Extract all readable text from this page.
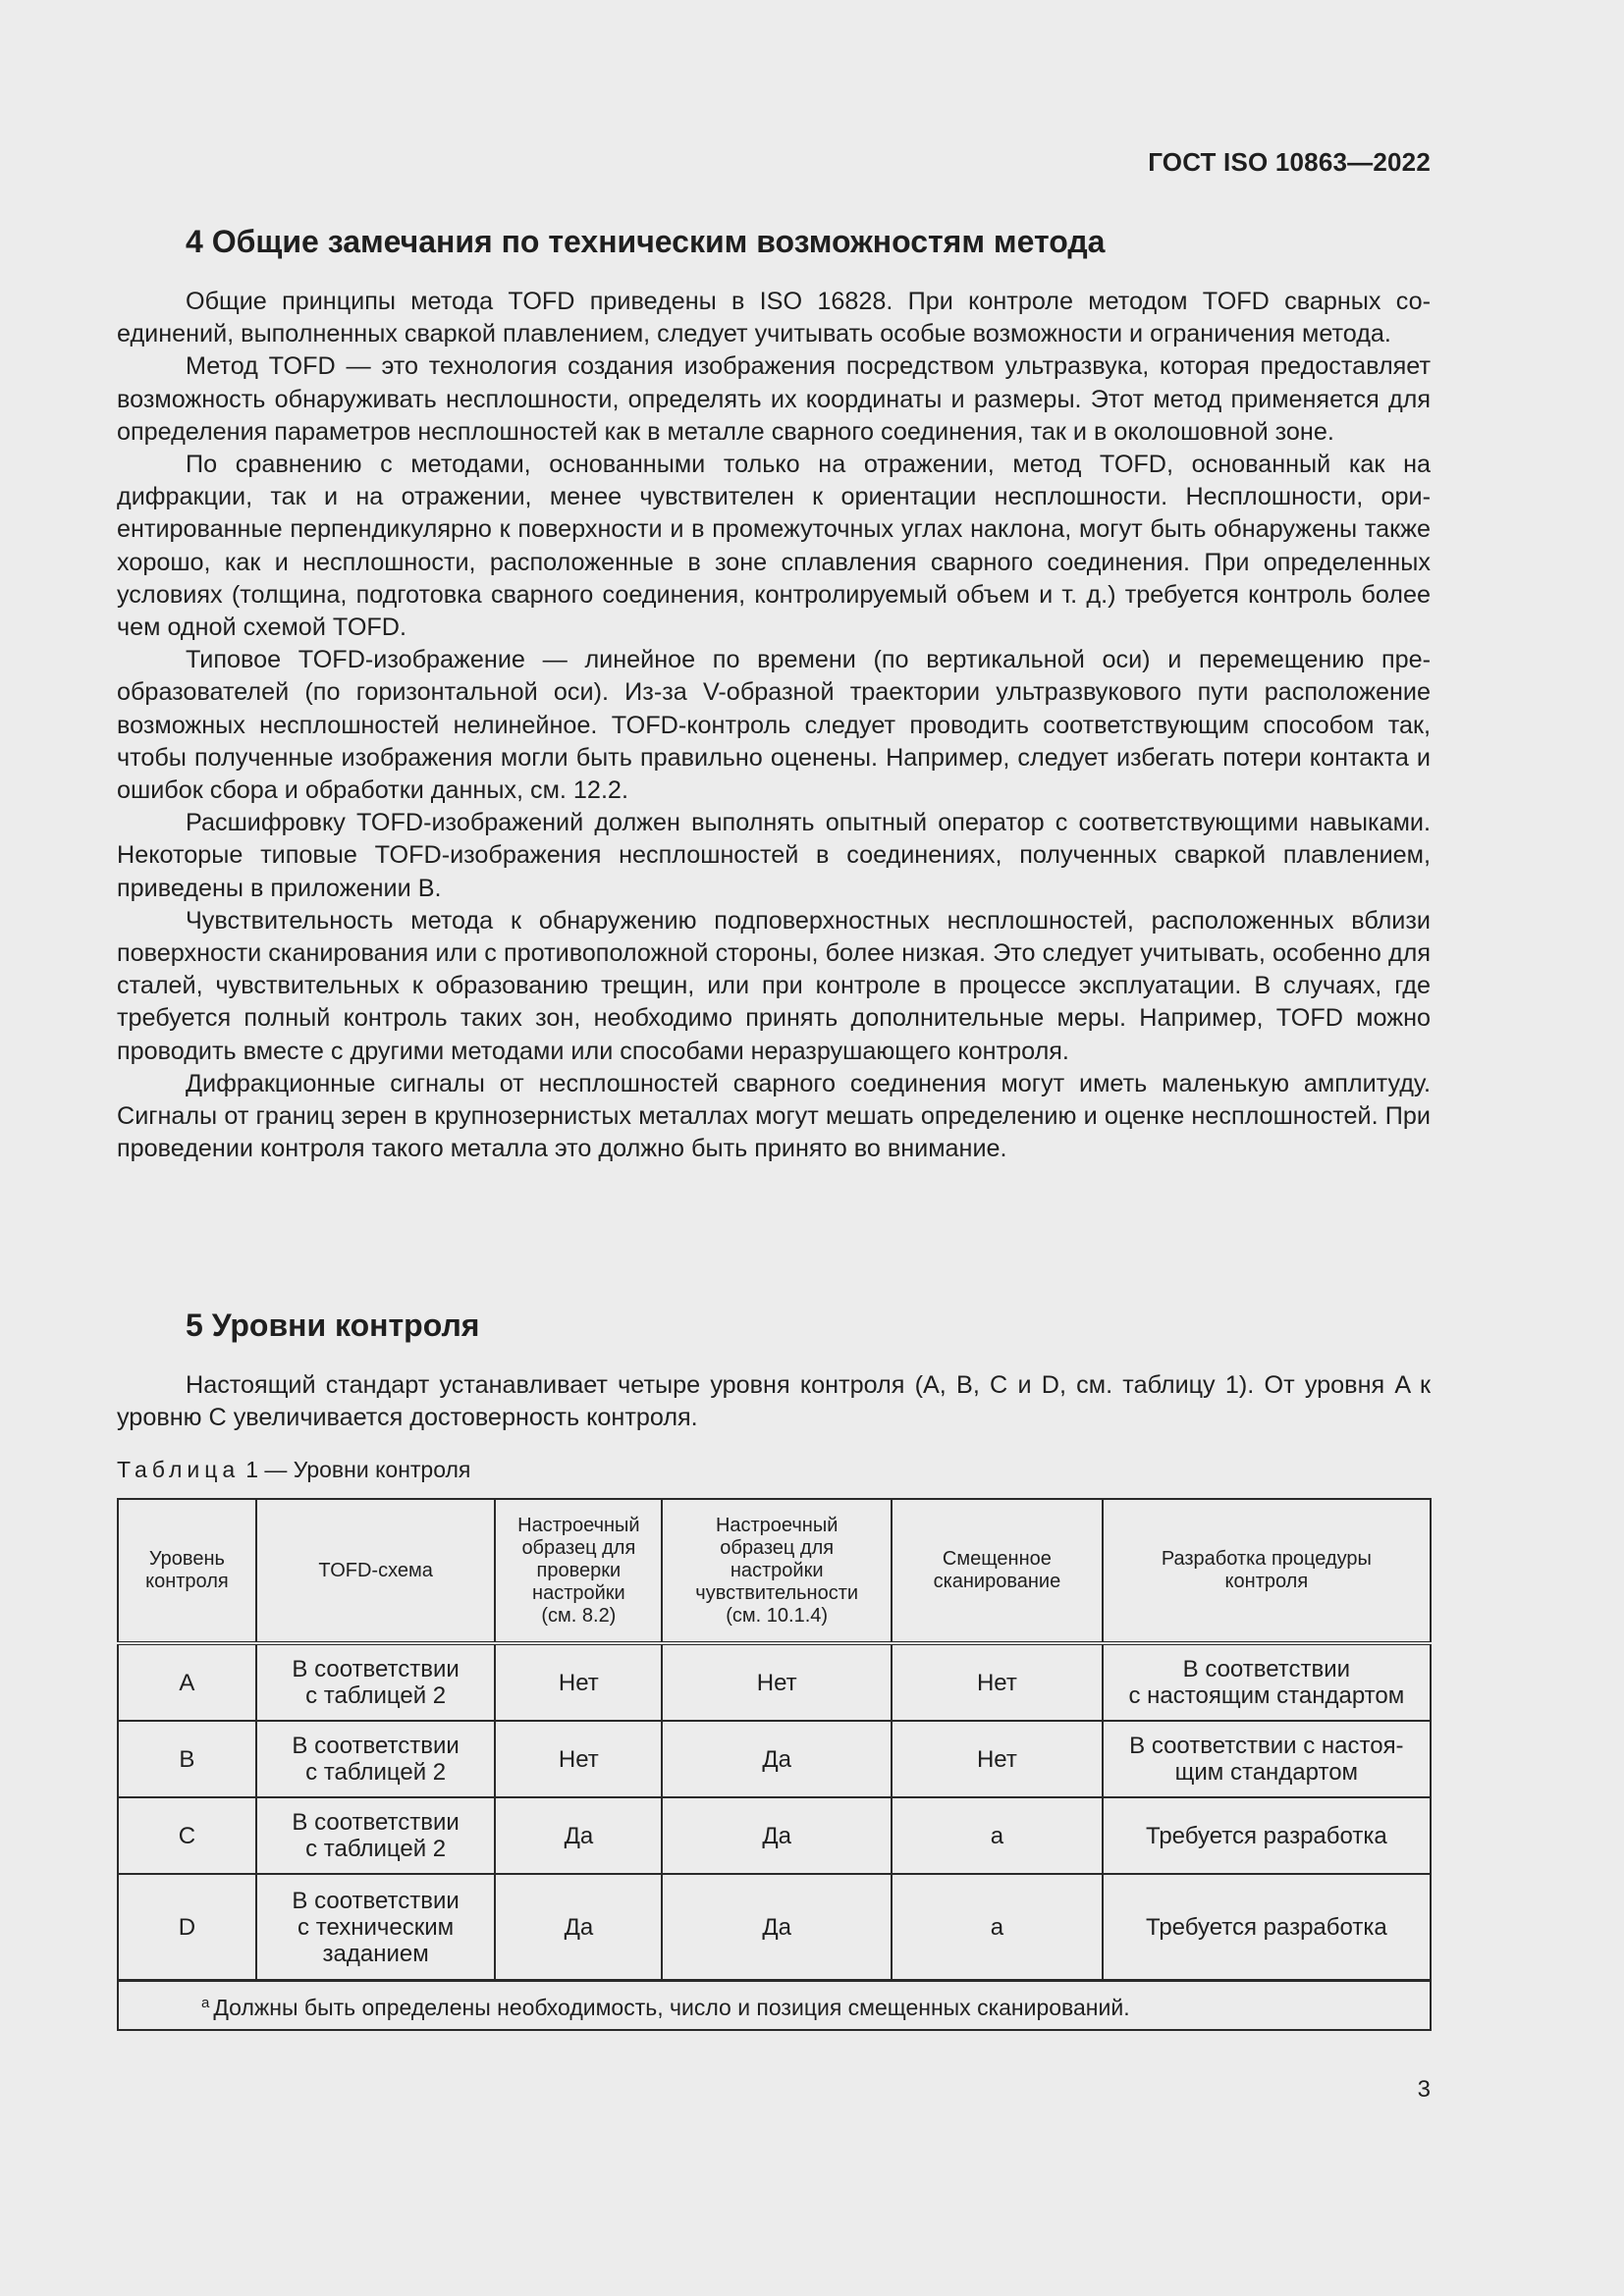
ГОСТ ISO 10863—2022
4 Общие замечания по техническим возможностям метода

Общие принципы метода TOFD приведены в ISO 16828. При контроле методом TOFD сварных соединений, выполненных сваркой плавлением, следует учитывать особые возможности и ограничения метода.

Метод TOFD — это технология создания изображения посредством ультразвука, которая предоставляет возможность обнаруживать несплошности, определять их координаты и размеры. Этот метод применяется для определения параметров несплошностей как в металле сварного соединения, так и в околошовной зоне.

По сравнению с методами, основанными только на отражении, метод TOFD, основанный как на дифракции, так и на отражении, менее чувствителен к ориентации несплошности. Несплошности, ориентированные перпендикулярно к поверхности и в промежуточных углах наклона, могут быть обнаружены также хорошо, как и несплошности, расположенные в зоне сплавления сварного соединения. При определенных условиях (толщина, подготовка сварного соединения, контролируемый объем и т. д.) требуется контроль более чем одной схемой TOFD.

Типовое TOFD-изображение — линейное по времени (по вертикальной оси) и перемещению преобразователей (по горизонтальной оси). Из-за V-образной траектории ультразвукового пути расположение возможных несплошностей нелинейное. TOFD-контроль следует проводить соответствующим способом так, чтобы полученные изображения могли быть правильно оценены. Например, следует избегать потери контакта и ошибок сбора и обработки данных, см. 12.2.

Расшифровку TOFD-изображений должен выполнять опытный оператор с соответствующими навыками. Некоторые типовые TOFD-изображения несплошностей в соединениях, полученных сваркой плавлением, приведены в приложении B.

Чувствительность метода к обнаружению подповерхностных несплошностей, расположенных вблизи поверхности сканирования или с противоположной стороны, более низкая. Это следует учитывать, особенно для сталей, чувствительных к образованию трещин, или при контроле в процессе эксплуатации. В случаях, где требуется полный контроль таких зон, необходимо принять дополнительные меры. Например, TOFD можно проводить вместе с другими методами или способами неразрушающего контроля.

Дифракционные сигналы от несплошностей сварного соединения могут иметь маленькую амплитуду. Сигналы от границ зерен в крупнозернистых металлах могут мешать определению и оценке несплошностей. При проведении контроля такого металла это должно быть принято во внимание.

5 Уровни контроля

Настоящий стандарт устанавливает четыре уровня контроля (A, B, C и D, см. таблицу 1). От уровня A к уровню C увеличивается достоверность контроля.

Таблица 1 — Уровни контроля
Уровень
контроля	TOFD-схема	Настроечный
образец для
проверки
настройки
(см. 8.2)	Настроечный
образец для
настройки
чувствительности
(см. 10.1.4)	Смещенное
сканирование	Разработка процедуры
контроля
A	В соответствии
с таблицей 2	Нет	Нет	Нет	В соответствии
с настоящим стандартом
B	В соответствии
с таблицей 2	Нет	Да	Нет	В соответствии с настоя-
щим стандартом
C	В соответствии
с таблицей 2	Да	Да	a	Требуется разработка
D	В соответствии
с техническим
заданием	Да	Да	a	Требуется разработка
$^a$ Должны быть определены необходимость, число и позиция смещенных сканирований.					
3
